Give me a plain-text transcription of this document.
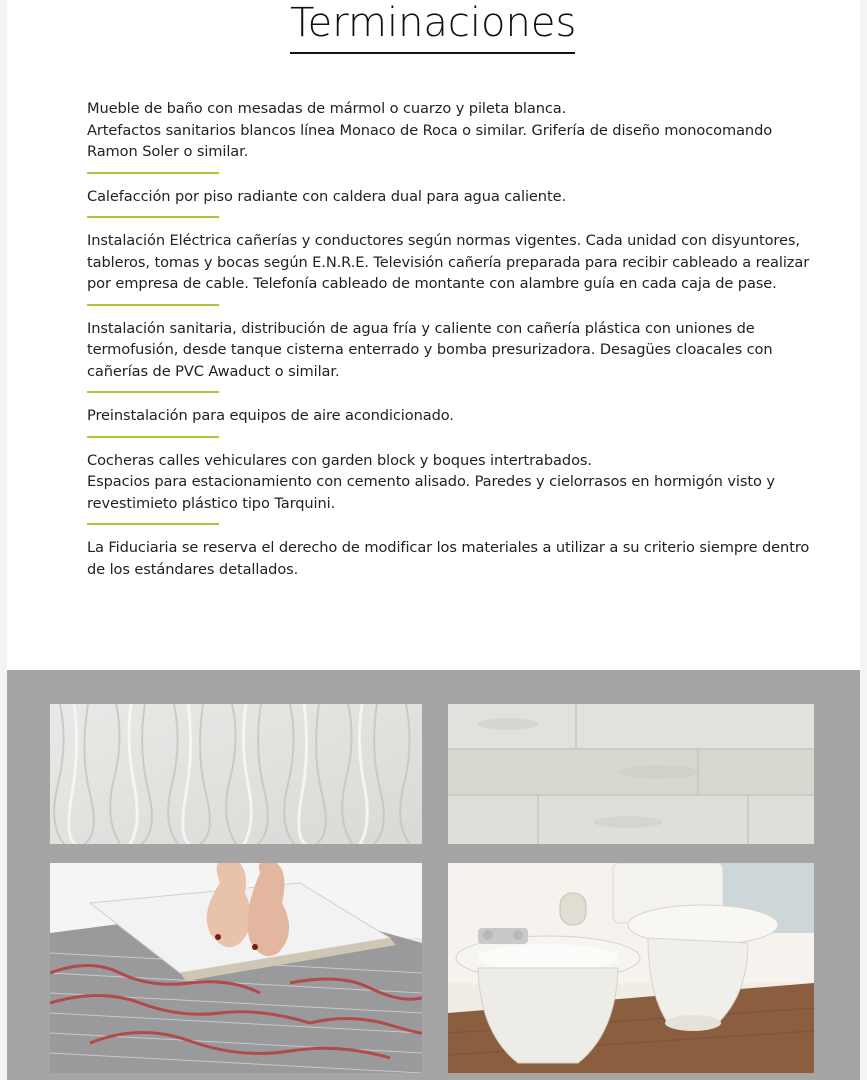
Terminaciones

Mueble de baño con mesadas de mármol o cuarzo y pileta blanca.

Artefactos sanitarios blancos línea Monaco de Roca o similar. Grifería de diseño monocomando Ramon Soler o similar.

Calefacción por piso radiante con caldera dual para agua caliente.

Instalación Eléctrica cañerías y conductores según normas vigentes. Cada unidad con disyuntores, tableros, tomas y bocas según E.N.R.E. Televisión cañería preparada para recibir cableado a realizar por empresa de cable. Telefonía cableado de montante con alambre guía en cada caja de pase.

Instalación sanitaria, distribución de agua fría y caliente con cañería plástica con uniones de termofusión, desde tanque cisterna enterrado y bomba presurizadora. Desagües cloacales con cañerías de PVC Awaduct o similar.

Preinstalación para equipos de aire acondicionado.

Cocheras calles vehiculares con garden block y boques intertrabados.

Espacios para estacionamiento con cemento alisado. Paredes y cielorrasos en hormigón visto y revestimieto plástico tipo Tarquini.

La Fiduciaria se reserva el derecho de modificar los materiales a utilizar a su criterio siempre dentro de los estándares detallados.
